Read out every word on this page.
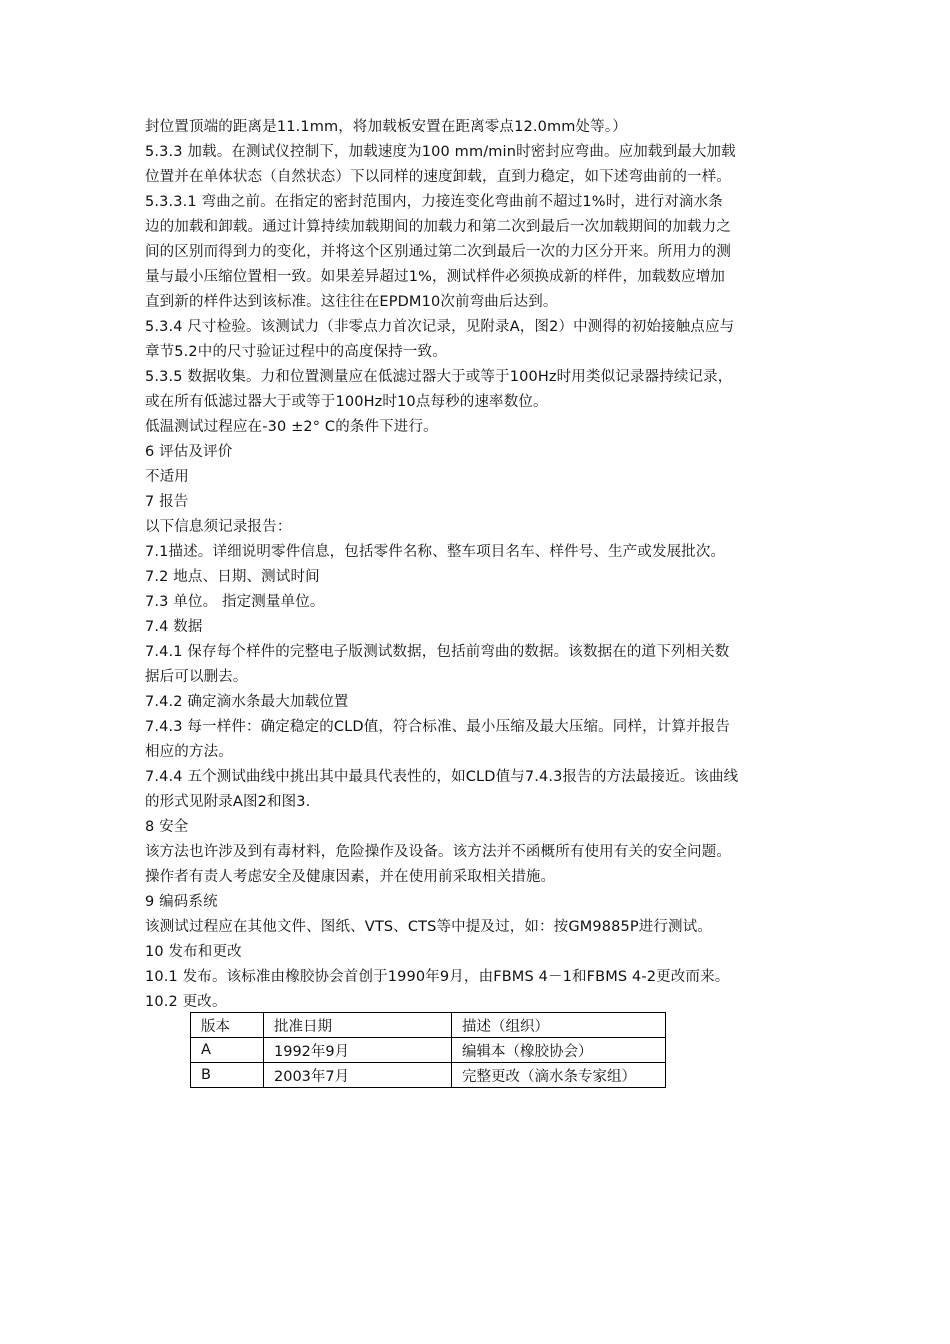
封位置顶端的距离是11.1mm，将加载板安置在距离零点12.0mm处等。）
5.3.3 加载。在测试仪控制下，加载速度为100 mm/min时密封应弯曲。应加载到最大加载
位置并在单体状态（自然状态）下以同样的速度卸载，直到力稳定，如下述弯曲前的一样。
5.3.3.1 弯曲之前。在指定的密封范围内，力接连变化弯曲前不超过1%时，进行对滴水条
边的加载和卸载。通过计算持续加载期间的加载力和第二次到最后一次加载期间的加载力之
间的区别而得到力的变化，并将这个区别通过第二次到最后一次的力区分开来。所用力的测
量与最小压缩位置相一致。如果差异超过1%，测试样件必须换成新的样件，加载数应增加
直到新的样件达到该标准。这往往在EPDM10次前弯曲后达到。
5.3.4 尺寸检验。该测试力（非零点力首次记录，见附录A，图2）中测得的初始接触点应与
章节5.2中的尺寸验证过程中的高度保持一致。
5.3.5 数据收集。力和位置测量应在低滤过器大于或等于100Hz时用类似记录器持续记录，
或在所有低滤过器大于或等于100Hz时10点每秒的速率数位。
低温测试过程应在-30 ±2° C的条件下进行。
6 评估及评价
不适用
7 报告
以下信息须记录报告：
7.1描述。详细说明零件信息，包括零件名称、整车项目名车、样件号、生产或发展批次。
7.2 地点、日期、测试时间
7.3 单位。 指定测量单位。
7.4 数据
7.4.1 保存每个样件的完整电子版测试数据，包括前弯曲的数据。该数据在的道下列相关数
据后可以删去。
7.4.2 确定滴水条最大加载位置
7.4.3 每一样件：确定稳定的CLD值，符合标准、最小压缩及最大压缩。同样，计算并报告
相应的方法。
7.4.4 五个测试曲线中挑出其中最具代表性的，如CLD值与7.4.3报告的方法最接近。该曲线
的形式见附录A图2和图3.
8 安全
该方法也许涉及到有毒材料，危险操作及设备。该方法并不函概所有使用有关的安全问题。
操作者有责人考虑安全及健康因素，并在使用前采取相关措施。
9 编码系统
该测试过程应在其他文件、图纸、VTS、CTS等中提及过，如：按GM9885P进行测试。
10 发布和更改
10.1 发布。该标准由橡胶协会首创于1990年9月，由FBMS 4－1和FBMS 4-2更改而来。
10.2 更改。
版本	批准日期	描述（组织）
A	1992年9月	编辑本（橡胶协会）
B	2003年7月	完整更改（滴水条专家组）
